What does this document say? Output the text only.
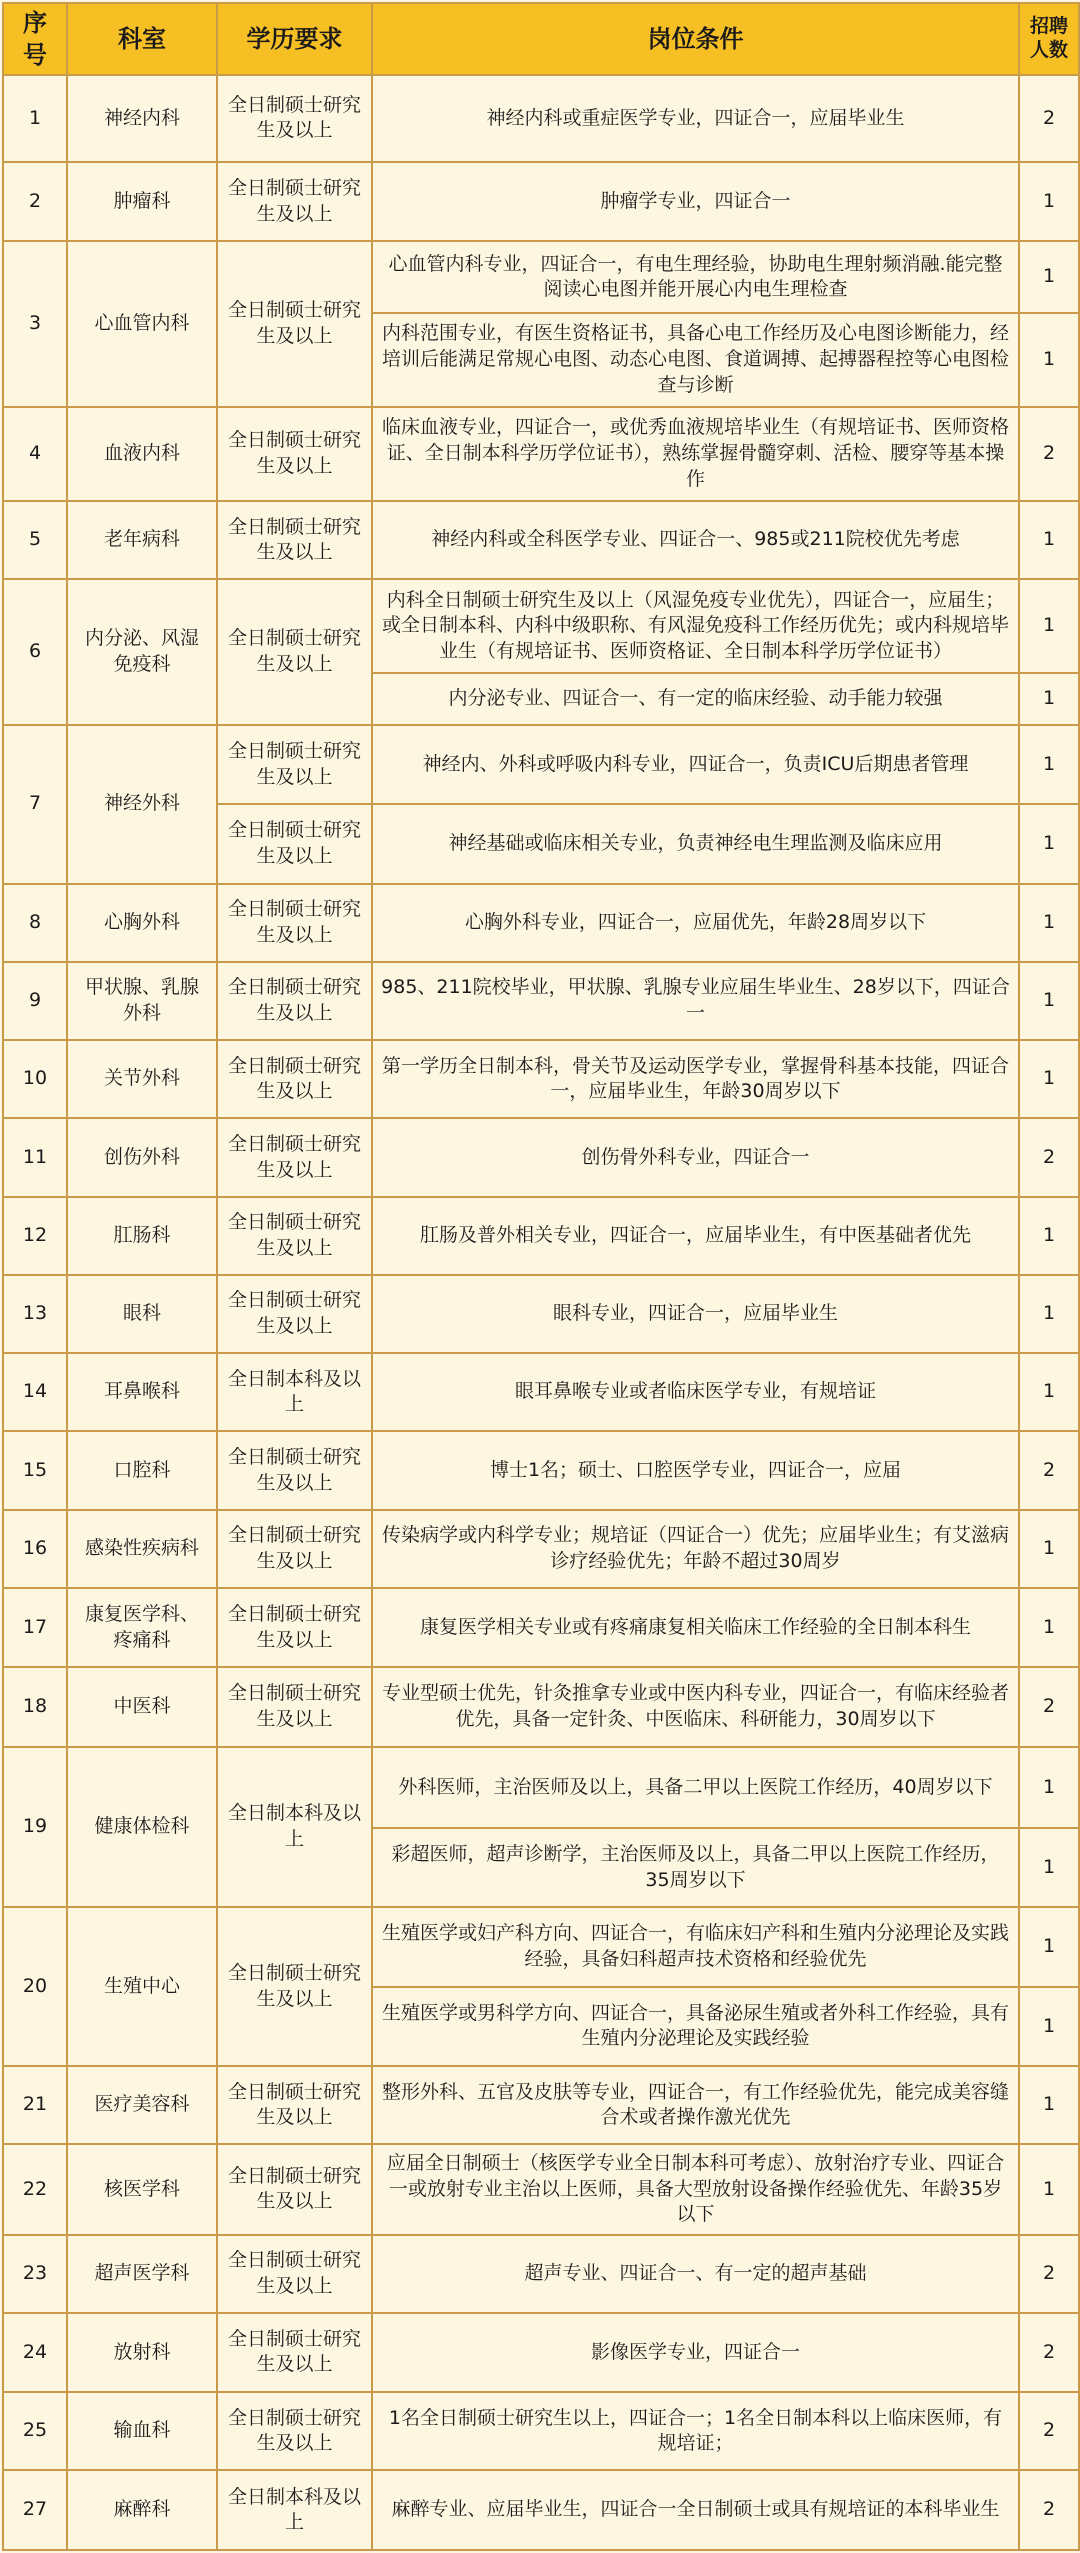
序号	科室	学历要求	岗位条件	招聘人数
1	神经内科	全日制硕士研究生及以上	神经内科或重症医学专业，四证合一，应届毕业生	2
2	肿瘤科	全日制硕士研究生及以上	肿瘤学专业，四证合一	1
3	心血管内科	全日制硕士研究生及以上	心血管内科专业，四证合一，有电生理经验，协助电生理射频消融.能完整阅读心电图并能开展心内电生理检查	1
			内科范围专业，有医生资格证书，具备心电工作经历及心电图诊断能力，经培训后能满足常规心电图、动态心电图、食道调搏、起搏器程控等心电图检查与诊断	1
4	血液内科	全日制硕士研究生及以上	临床血液专业，四证合一，或优秀血液规培毕业生（有规培证书、医师资格证、全日制本科学历学位证书），熟练掌握骨髓穿刺、活检、腰穿等基本操作	2
5	老年病科	全日制硕士研究生及以上	神经内科或全科医学专业、四证合一、985或211院校优先考虑	1
6	内分泌、风湿免疫科	全日制硕士研究生及以上	内科全日制硕士研究生及以上（风湿免疫专业优先），四证合一，应届生；或全日制本科、内科中级职称、有风湿免疫科工作经历优先；或内科规培毕业生（有规培证书、医师资格证、全日制本科学历学位证书）	1
			内分泌专业、四证合一、有一定的临床经验、动手能力较强	1
7	神经外科	全日制硕士研究生及以上	神经内、外科或呼吸内科专业，四证合一，负责ICU后期患者管理	1
		全日制硕士研究生及以上	神经基础或临床相关专业，负责神经电生理监测及临床应用	1
8	心胸外科	全日制硕士研究生及以上	心胸外科专业，四证合一，应届优先，年龄28周岁以下	1
9	甲状腺、乳腺外科	全日制硕士研究生及以上	985、211院校毕业，甲状腺、乳腺专业应届生毕业生、28岁以下，四证合一	1
10	关节外科	全日制硕士研究生及以上	第一学历全日制本科，骨关节及运动医学专业，掌握骨科基本技能，四证合一，应届毕业生，年龄30周岁以下	1
11	创伤外科	全日制硕士研究生及以上	创伤骨外科专业，四证合一	2
12	肛肠科	全日制硕士研究生及以上	肛肠及普外相关专业，四证合一，应届毕业生，有中医基础者优先	1
13	眼科	全日制硕士研究生及以上	眼科专业，四证合一，应届毕业生	1
14	耳鼻喉科	全日制本科及以上	眼耳鼻喉专业或者临床医学专业，有规培证	1
15	口腔科	全日制硕士研究生及以上	博士1名；硕士、口腔医学专业，四证合一，应届	2
16	感染性疾病科	全日制硕士研究生及以上	传染病学或内科学专业；规培证（四证合一）优先；应届毕业生；有艾滋病诊疗经验优先；年龄不超过30周岁	1
17	康复医学科、疼痛科	全日制硕士研究生及以上	康复医学相关专业或有疼痛康复相关临床工作经验的全日制本科生	1
18	中医科	全日制硕士研究生及以上	专业型硕士优先，针灸推拿专业或中医内科专业，四证合一，有临床经验者优先，具备一定针灸、中医临床、科研能力，30周岁以下	2
19	健康体检科	全日制本科及以上	外科医师，主治医师及以上，具备二甲以上医院工作经历，40周岁以下	1
			彩超医师，超声诊断学，主治医师及以上，具备二甲以上医院工作经历，35周岁以下	1
20	生殖中心	全日制硕士研究生及以上	生殖医学或妇产科方向、四证合一，有临床妇产科和生殖内分泌理论及实践经验，具备妇科超声技术资格和经验优先	1
			生殖医学或男科学方向、四证合一，具备泌尿生殖或者外科工作经验，具有生殖内分泌理论及实践经验	1
21	医疗美容科	全日制硕士研究生及以上	整形外科、五官及皮肤等专业，四证合一，有工作经验优先，能完成美容缝合术或者操作激光优先	1
22	核医学科	全日制硕士研究生及以上	应届全日制硕士（核医学专业全日制本科可考虑）、放射治疗专业、四证合一或放射专业主治以上医师，具备大型放射设备操作经验优先、年龄35岁以下	1
23	超声医学科	全日制硕士研究生及以上	超声专业、四证合一、有一定的超声基础	2
24	放射科	全日制硕士研究生及以上	影像医学专业，四证合一	2
25	输血科	全日制硕士研究生及以上	1名全日制硕士研究生以上，四证合一；1名全日制本科以上临床医师，有规培证；	2
27	麻醉科	全日制本科及以上	麻醉专业、应届毕业生，四证合一全日制硕士或具有规培证的本科毕业生	2
